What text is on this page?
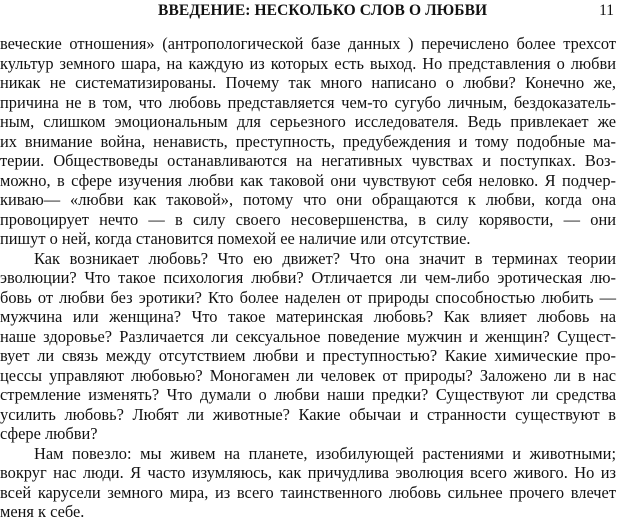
ВВЕДЕНИЕ: НЕСКОЛЬКО СЛОВ О ЛЮБВИ	11
веческие отношения» (антропологической базе данных ) перечислено более трехсот
культур земного шара, на каждую из которых есть выход. Но представления о любви
никак не систематизированы. Почему так много написано о любви? Конечно же,
причина не в том, что любовь представляется чем-то сугубо личным, бездоказатель-
ным, слишком эмоциональным для серьезного исследователя. Ведь привлекает же
их внимание война, ненависть, преступность, предубеждения и тому подобные ма-
терии. Обществоведы останавливаются на негативных чувствах и поступках. Воз-
можно, в сфере изучения любви как таковой они чувствуют себя неловко. Я подчер-
киваю— «любви как таковой», потому что они обращаются к любви, когда она
провоцирует нечто — в силу своего несовершенства, в силу корявости, — они
пишут о ней, когда становится помехой ее наличие или отсутствие.
Как возникает любовь? Что ею движет? Что она значит в терминах теории
эволюции? Что такое психология любви? Отличается ли чем-либо эротическая лю-
бовь от любви без эротики? Кто более наделен от природы способностью любить —
мужчина или женщина? Что такое материнская любовь? Как влияет любовь на
наше здоровье? Различается ли сексуальное поведение мужчин и женщин? Сущест-
вует ли связь между отсутствием любви и преступностью? Какие химические про-
цессы управляют любовью? Моногамен ли человек от природы? Заложено ли в нас
стремление изменять? Что думали о любви наши предки? Существуют ли средства
усилить любовь? Любят ли животные? Какие обычаи и странности существуют в
сфере любви?
Нам повезло: мы живем на планете, изобилующей растениями и животными;
вокруг нас люди. Я часто изумляюсь, как причудлива эволюция всего живого. Но из
всей карусели земного мира, из всего таинственного любовь сильнее прочего влечет
меня к себе.
